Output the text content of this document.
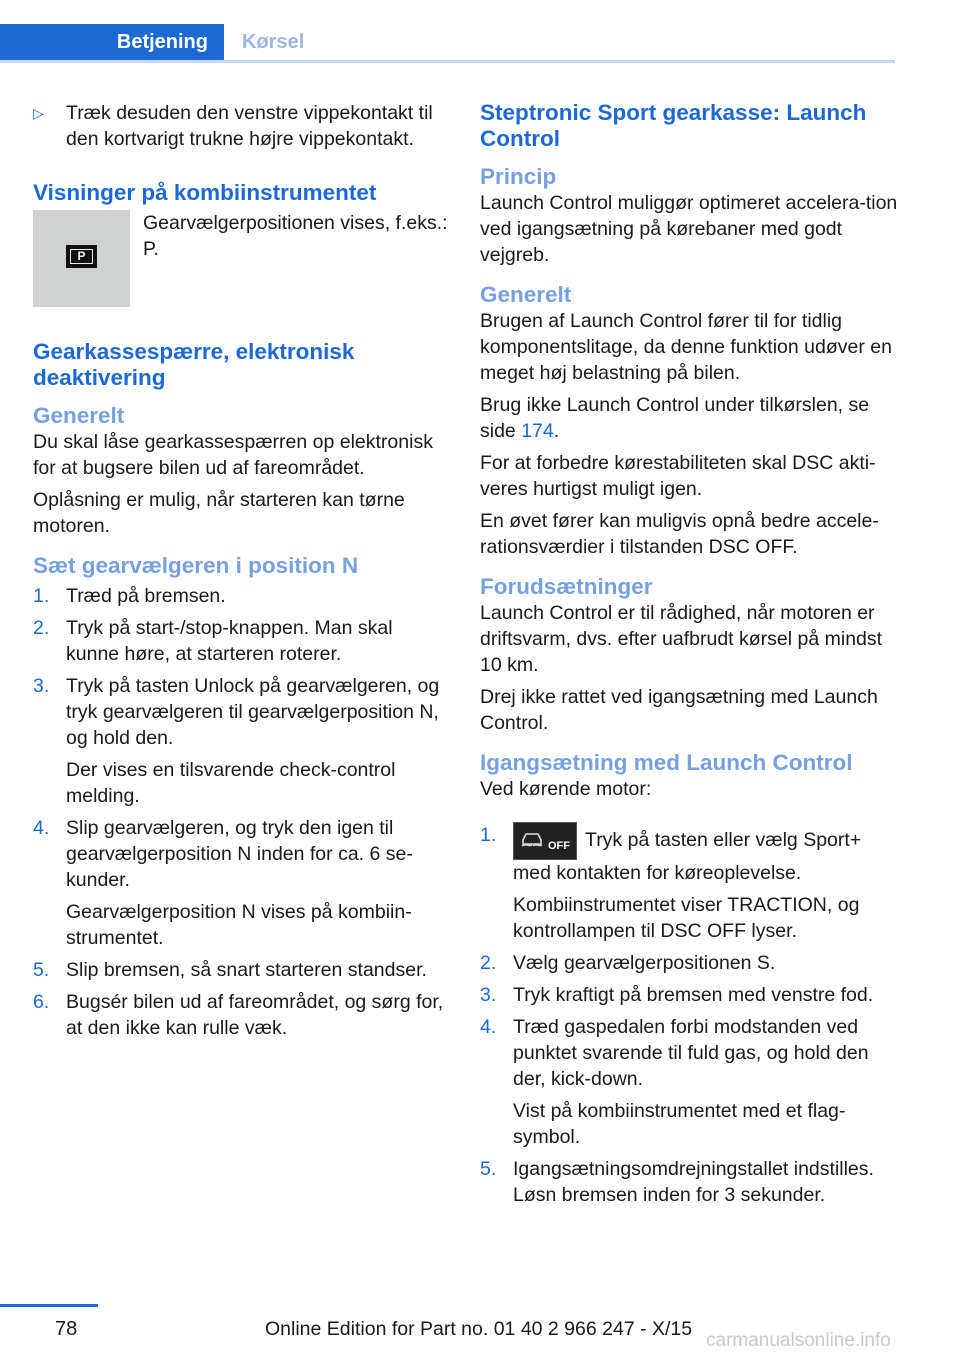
Betjening	Kørsel
▷ Træk desuden den venstre vippekontakt til den kortvarigt trukne højre vippekontakt.

Visninger på kombiinstrumentet
P

Gearvælgerpositionen vises, f.eks.: P.

Gearkassespærre, elektronisk deaktivering
Generelt

Du skal låse gearkassespærren op elektronisk for at bugsere bilen ud af fareområdet.

Oplåsning er mulig, når starteren kan tørne motoren.

Sæt gearvælgeren i position N
1. Træd på bremsen.

2. Tryk på start-/stop-knappen. Man skal kunne høre, at starteren roterer.

3. Tryk på tasten Unlock på gearvælgeren, og tryk gearvælgeren til gearvælgerposition N, og hold den.

Der vises en tilsvarende check-control melding.

4. Slip gearvælgeren, og tryk den igen til gearvælgerposition N inden for ca. 6 se‐kunder.

Gearvælgerposition N vises på kombiin‐strumentet.

5. Slip bremsen, så snart starteren standser.

6. Bugsér bilen ud af fareområdet, og sørg for, at den ikke kan rulle væk.

Steptronic Sport gearkasse: Launch Control
Princip

Launch Control muliggør optimeret accelera‐tion ved igangsætning på kørebaner med godt vejgreb.

Generelt

Brugen af Launch Control fører til for tidlig komponentslitage, da denne funktion udøver en meget høj belastning på bilen.

Brug ikke Launch Control under tilkørslen, se side 174.

For at forbedre kørestabiliteten skal DSC akti‐veres hurtigst muligt igen.

En øvet fører kan muligvis opnå bedre accele‐rationsværdier i tilstanden DSC OFF.

Forudsætninger

Launch Control er til rådighed, når motoren er driftsvarm, dvs. efter uafbrudt kørsel på mindst 10 km.

Drej ikke rattet ved igangsætning med Launch Control.

Igangsætning med Launch Control

Ved kørende motor:

1.	OFF Tryk på tasten eller vælg Sport+ med kontakten for køreoplevelse.

Kombiinstrumentet viser TRACTION, og kontrollampen til DSC OFF lyser.

2. Vælg gearvælgerpositionen S.

3. Tryk kraftigt på bremsen med venstre fod.

4. Træd gaspedalen forbi modstanden ved punktet svarende til fuld gas, og hold den der, kick-down.

Vist på kombiinstrumentet med et flag‐symbol.

5. Igangsætningsomdrejningstallet indstilles. Løsn bremsen inden for 3 sekunder.

78	Online Edition for Part no. 01 40 2 966 247 - X/15
carmanualsonline.info
